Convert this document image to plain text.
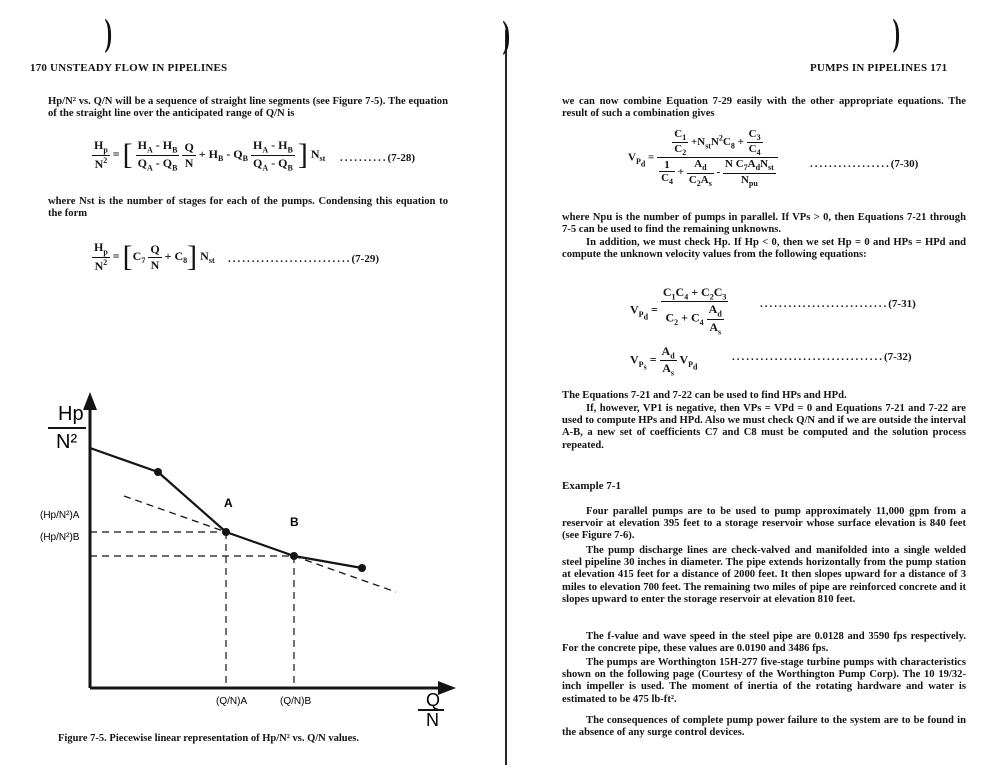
)
170 UNSTEADY FLOW IN PIPELINES

Hp/N² vs. Q/N will be a sequence of straight line segments (see Figure 7-5). The equation of the straight line over the anticipated range of Q/N is

$\frac{H_p}{N^2}$ = [ $\frac{H_A - H_B}{Q_A - Q_B}$
$\frac{Q}{N} + H_B - Q_B \frac{H_A - H_B}{Q_A - Q_B}$ ] $N_{st}$ ..........(7-28)

where Nst is the number of stages for each of the pumps. Condensing this equation to the form

$\frac{H_p}{N^2} = [C_7 \frac{Q}{N} + C_8]$ $N_{st}$ ..........................(7-29)
Hp
N²
Q
N
A
B
(Hp/N²)A
(Hp/N²)B
(Q/N)A	(Q/N)B
Figure 7-5. Piecewise linear representation of Hp/N² vs. Q/N values.
)	)
PUMPS IN PIPELINES 171

we can now combine Equation 7-29 easily with the other appropriate equations. The result of such a combination gives

$V_{P_d} = \frac{\frac{C_1}{C_2} +N_{st}N^2C_8 + \frac{C_3}{C_4}}{\frac{1}{C_4} + \frac{A_d}{C_2A_s} - \frac{N C_7A_dN_{st}}{N_{pu}}}$	.................(7-30)

where Npu is the number of pumps in parallel. If VPs > 0, then Equations 7-21 through 7-5 can be used to find the remaining unknowns.

In addition, we must check Hp. If Hp < 0, then we set Hp = 0 and HPs = HPd and compute the unknown velocity values from the following equations:

$V_{P_d} = \frac{C_1C_4 + C_2C_3}{C_2 + C_4 \frac{A_d}{A_s}}$	...........................(7-31)
$V_{P_s} = \frac{A_d}{A_s} V_{P_d}$
................................(7-32)

The Equations 7-21 and 7-22 can be used to find HPs and HPd.

If, however, VP1 is negative, then VPs = VPd = 0 and Equations 7-21 and 7-22 are used to compute HPs and HPd. Also we must check Q/N and if we are outside the interval A-B, a new set of coefficients C7 and C8 must be computed and the solution process repeated.

Example 7-1

Four parallel pumps are to be used to pump approximately 11,000 gpm from a reservoir at elevation 395 feet to a storage reservoir whose surface elevation is 840 feet (see Figure 7-6).

The pump discharge lines are check-valved and manifolded into a single welded steel pipeline 30 inches in diameter. The pipe extends horizontally from the pump station at elevation 415 feet for a distance of 2000 feet. It then slopes upward for a distance of 3 miles to elevation 700 feet. The remaining two miles of pipe are reinforced concrete and it slopes upward to enter the storage reservoir at elevation 810 feet.

The f-value and wave speed in the steel pipe are 0.0128 and 3590 fps respectively. For the concrete pipe, these values are 0.0190 and 3486 fps.

The pumps are Worthington 15H-277 five-stage turbine pumps with characteristics shown on the following page (Courtesy of the Worthington Pump Corp). The 10 19/32-inch impeller is used. The moment of inertia of the rotating hardware and water is estimated to be 475 lb-ft².

The consequences of complete pump power failure to the system are to be found in the absence of any surge control devices.
